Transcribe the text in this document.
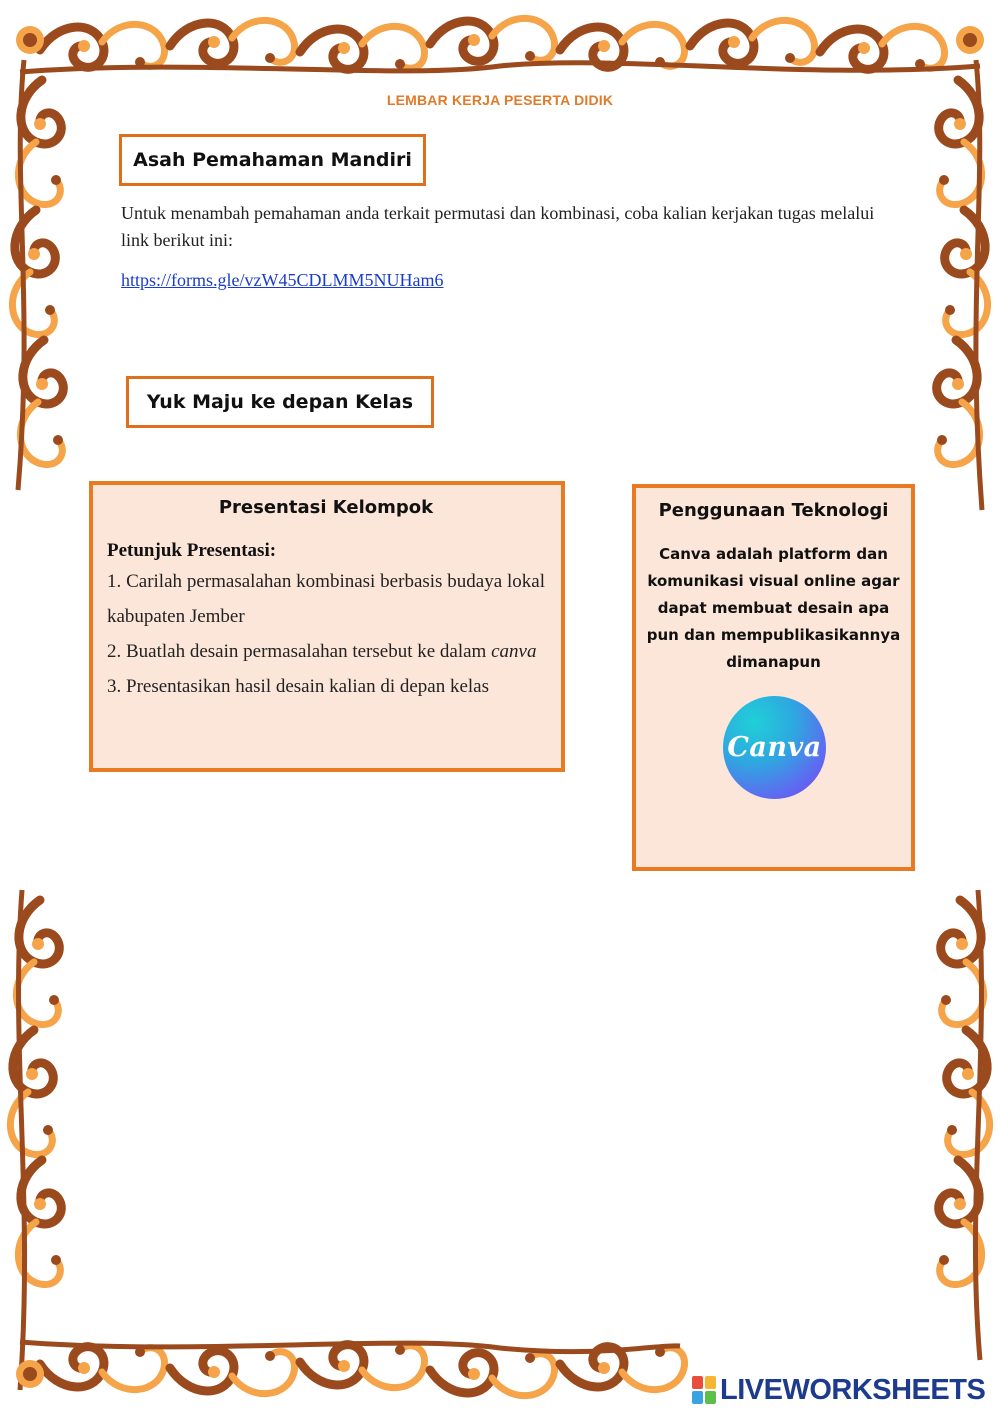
LEMBAR KERJA PESERTA DIDIK
Asah Pemahaman Mandiri

Untuk menambah pemahaman anda terkait permutasi dan kombinasi, coba kalian kerjakan tugas melalui link berikut ini:

https://forms.gle/vzW45CDLMM5NUHam6
Yuk Maju ke depan Kelas
Presentasi Kelompok
Petunjuk Presentasi:

1. Carilah permasalahan kombinasi berbasis budaya lokal kabupaten Jember

2. Buatlah desain permasalahan tersebut ke dalam canva

3. Presentasikan hasil desain kalian di depan kelas

Penggunaan Teknologi

Canva adalah platform dan komunikasi visual online agar dapat membuat desain apa pun dan mempublikasikannya dimanapun

Canva
LIVEWORKSHEETS
